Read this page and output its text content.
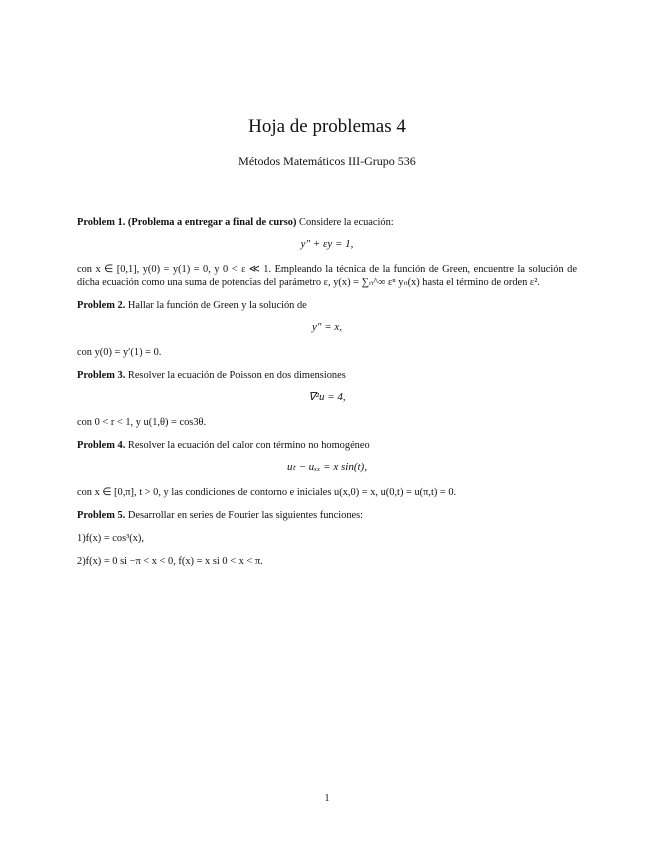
Hoja de problemas 4
Métodos Matemáticos III-Grupo 536

Problem 1. (Problema a entregar a final de curso) Considere la ecuación:

y″ + εy = 1,

con x ∈ [0,1], y(0) = y(1) = 0, y 0 < ε ≪ 1. Empleando la técnica de la función de Green, encuentre la solución de dicha ecuación como una suma de potencias del parámetro ε, y(x) = ∑ₙ^∞ εⁿ yₙ(x) hasta el término de orden ε².

Problem 2. Hallar la función de Green y la solución de

y″ = x,

con y(0) = y′(1) = 0.

Problem 3. Resolver la ecuación de Poisson en dos dimensiones

∇²u = 4,

con 0 < r < 1, y u(1,θ) = cos3θ.

Problem 4. Resolver la ecuación del calor con término no homogéneo

uₜ − uₓₓ = x sin(t),

con x ∈ [0,π], t > 0, y las condiciones de contorno e iniciales u(x,0) = x, u(0,t) = u(π,t) = 0.

Problem 5. Desarrollar en series de Fourier las siguientes funciones:

1)f(x) = cos³(x),

2)f(x) = 0 si −π < x < 0, f(x) = x si 0 < x < π.

1
